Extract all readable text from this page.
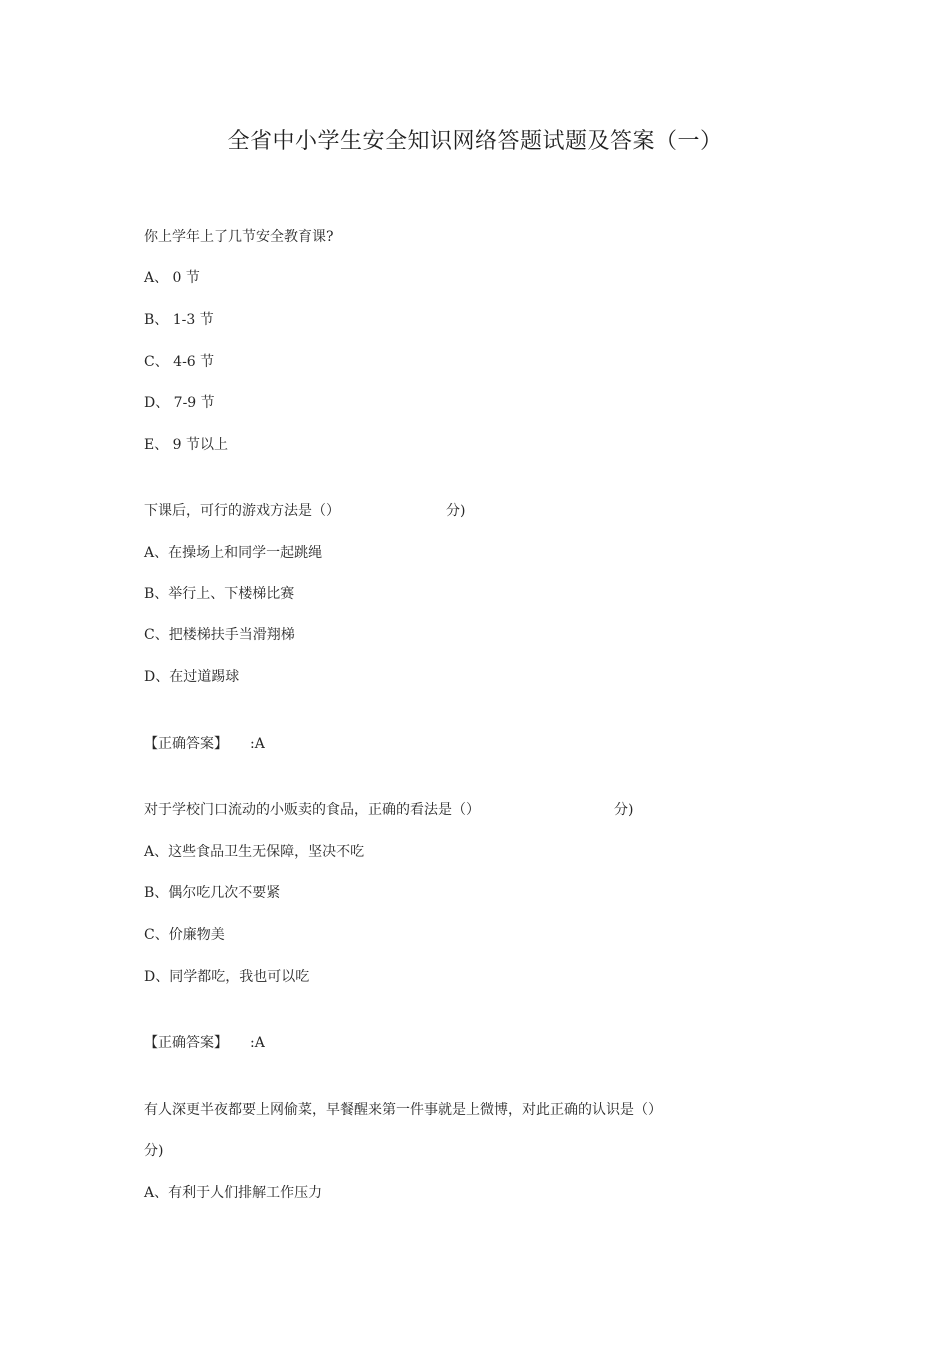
全省中小学生安全知识网络答题试题及答案（一）
你上学年上了几节安全教育课?
A、 0 节
B、 1-3 节
C、 4-6 节
D、 7-9 节
E、 9 节以上
下课后，可行的游戏方法是（）	分)
A、在操场上和同学一起跳绳
B、举行上、下楼梯比赛
C、把楼梯扶手当滑翔梯
D、在过道踢球
【正确答案】 :A
对于学校门口流动的小贩卖的食品，正确的看法是（）	分)
A、这些食品卫生无保障，坚决不吃
B、偶尔吃几次不要紧
C、价廉物美
D、同学都吃，我也可以吃
【正确答案】 :A
有人深更半夜都要上网偷菜，早餐醒来第一件事就是上微博，对此正确的认识是（）
分)
A、有利于人们排解工作压力
